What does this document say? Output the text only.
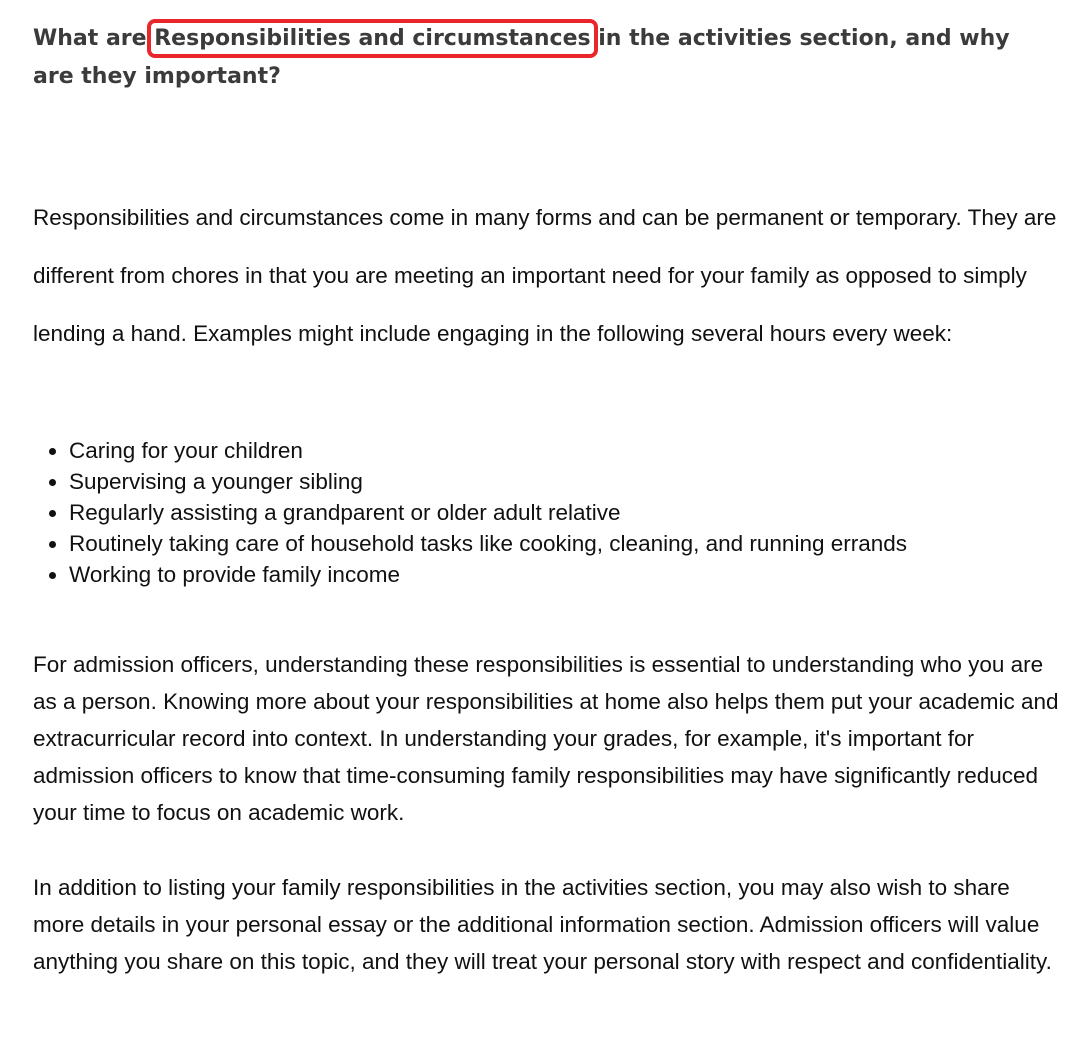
What are Responsibilities and circumstances in the activities section, and why are they important?

Responsibilities and circumstances come in many forms and can be permanent or temporary. They are different from chores in that you are meeting an important need for your family as opposed to simply lending a hand. Examples might include engaging in the following several hours every week:

• Caring for your children
• Supervising a younger sibling
• Regularly assisting a grandparent or older adult relative
• Routinely taking care of household tasks like cooking, cleaning, and running errands
• Working to provide family income

For admission officers, understanding these responsibilities is essential to understanding who you are as a person. Knowing more about your responsibilities at home also helps them put your academic and extracurricular record into context. In understanding your grades, for example, it's important for admission officers to know that time-consuming family responsibilities may have significantly reduced your time to focus on academic work.

In addition to listing your family responsibilities in the activities section, you may also wish to share more details in your personal essay or the additional information section. Admission officers will value anything you share on this topic, and they will treat your personal story with respect and confidentiality.
